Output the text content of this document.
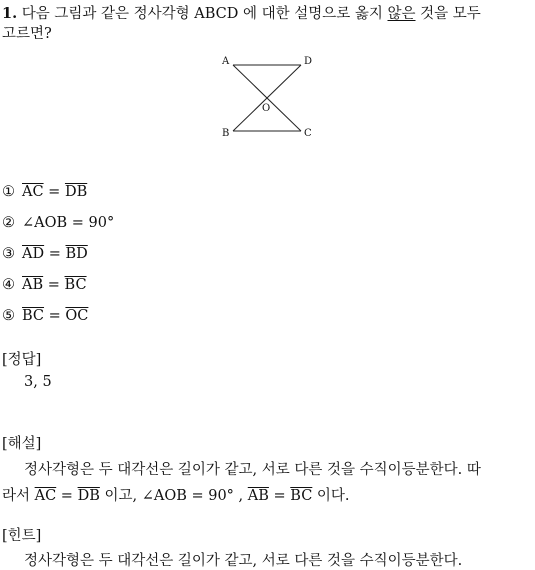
1. 다음 그림과 같은 정사각형 ABCD 에 대한 설명으로 옳지 않은 것을 모두
고르면?
A	D
O
B	C
① $\overline{AC} = \overline{DB}$
② ∠AOB = 90°
③ $\overline{AD} = \overline{BD}$
④ $\overline{AB} = \overline{BC}$
⑤ $\overline{BC} = \overline{OC}$
[정답]
3, 5
[해설]
정사각형은 두 대각선은 길이가 같고, 서로 다른 것을 수직이등분한다. 따
라서 $\overline{AC} = \overline{DB}$ 이고, ∠AOB = 90° , $\overline{AB} = \overline{BC}$ 이다.
[힌트]
정사각형은 두 대각선은 길이가 같고, 서로 다른 것을 수직이등분한다.
